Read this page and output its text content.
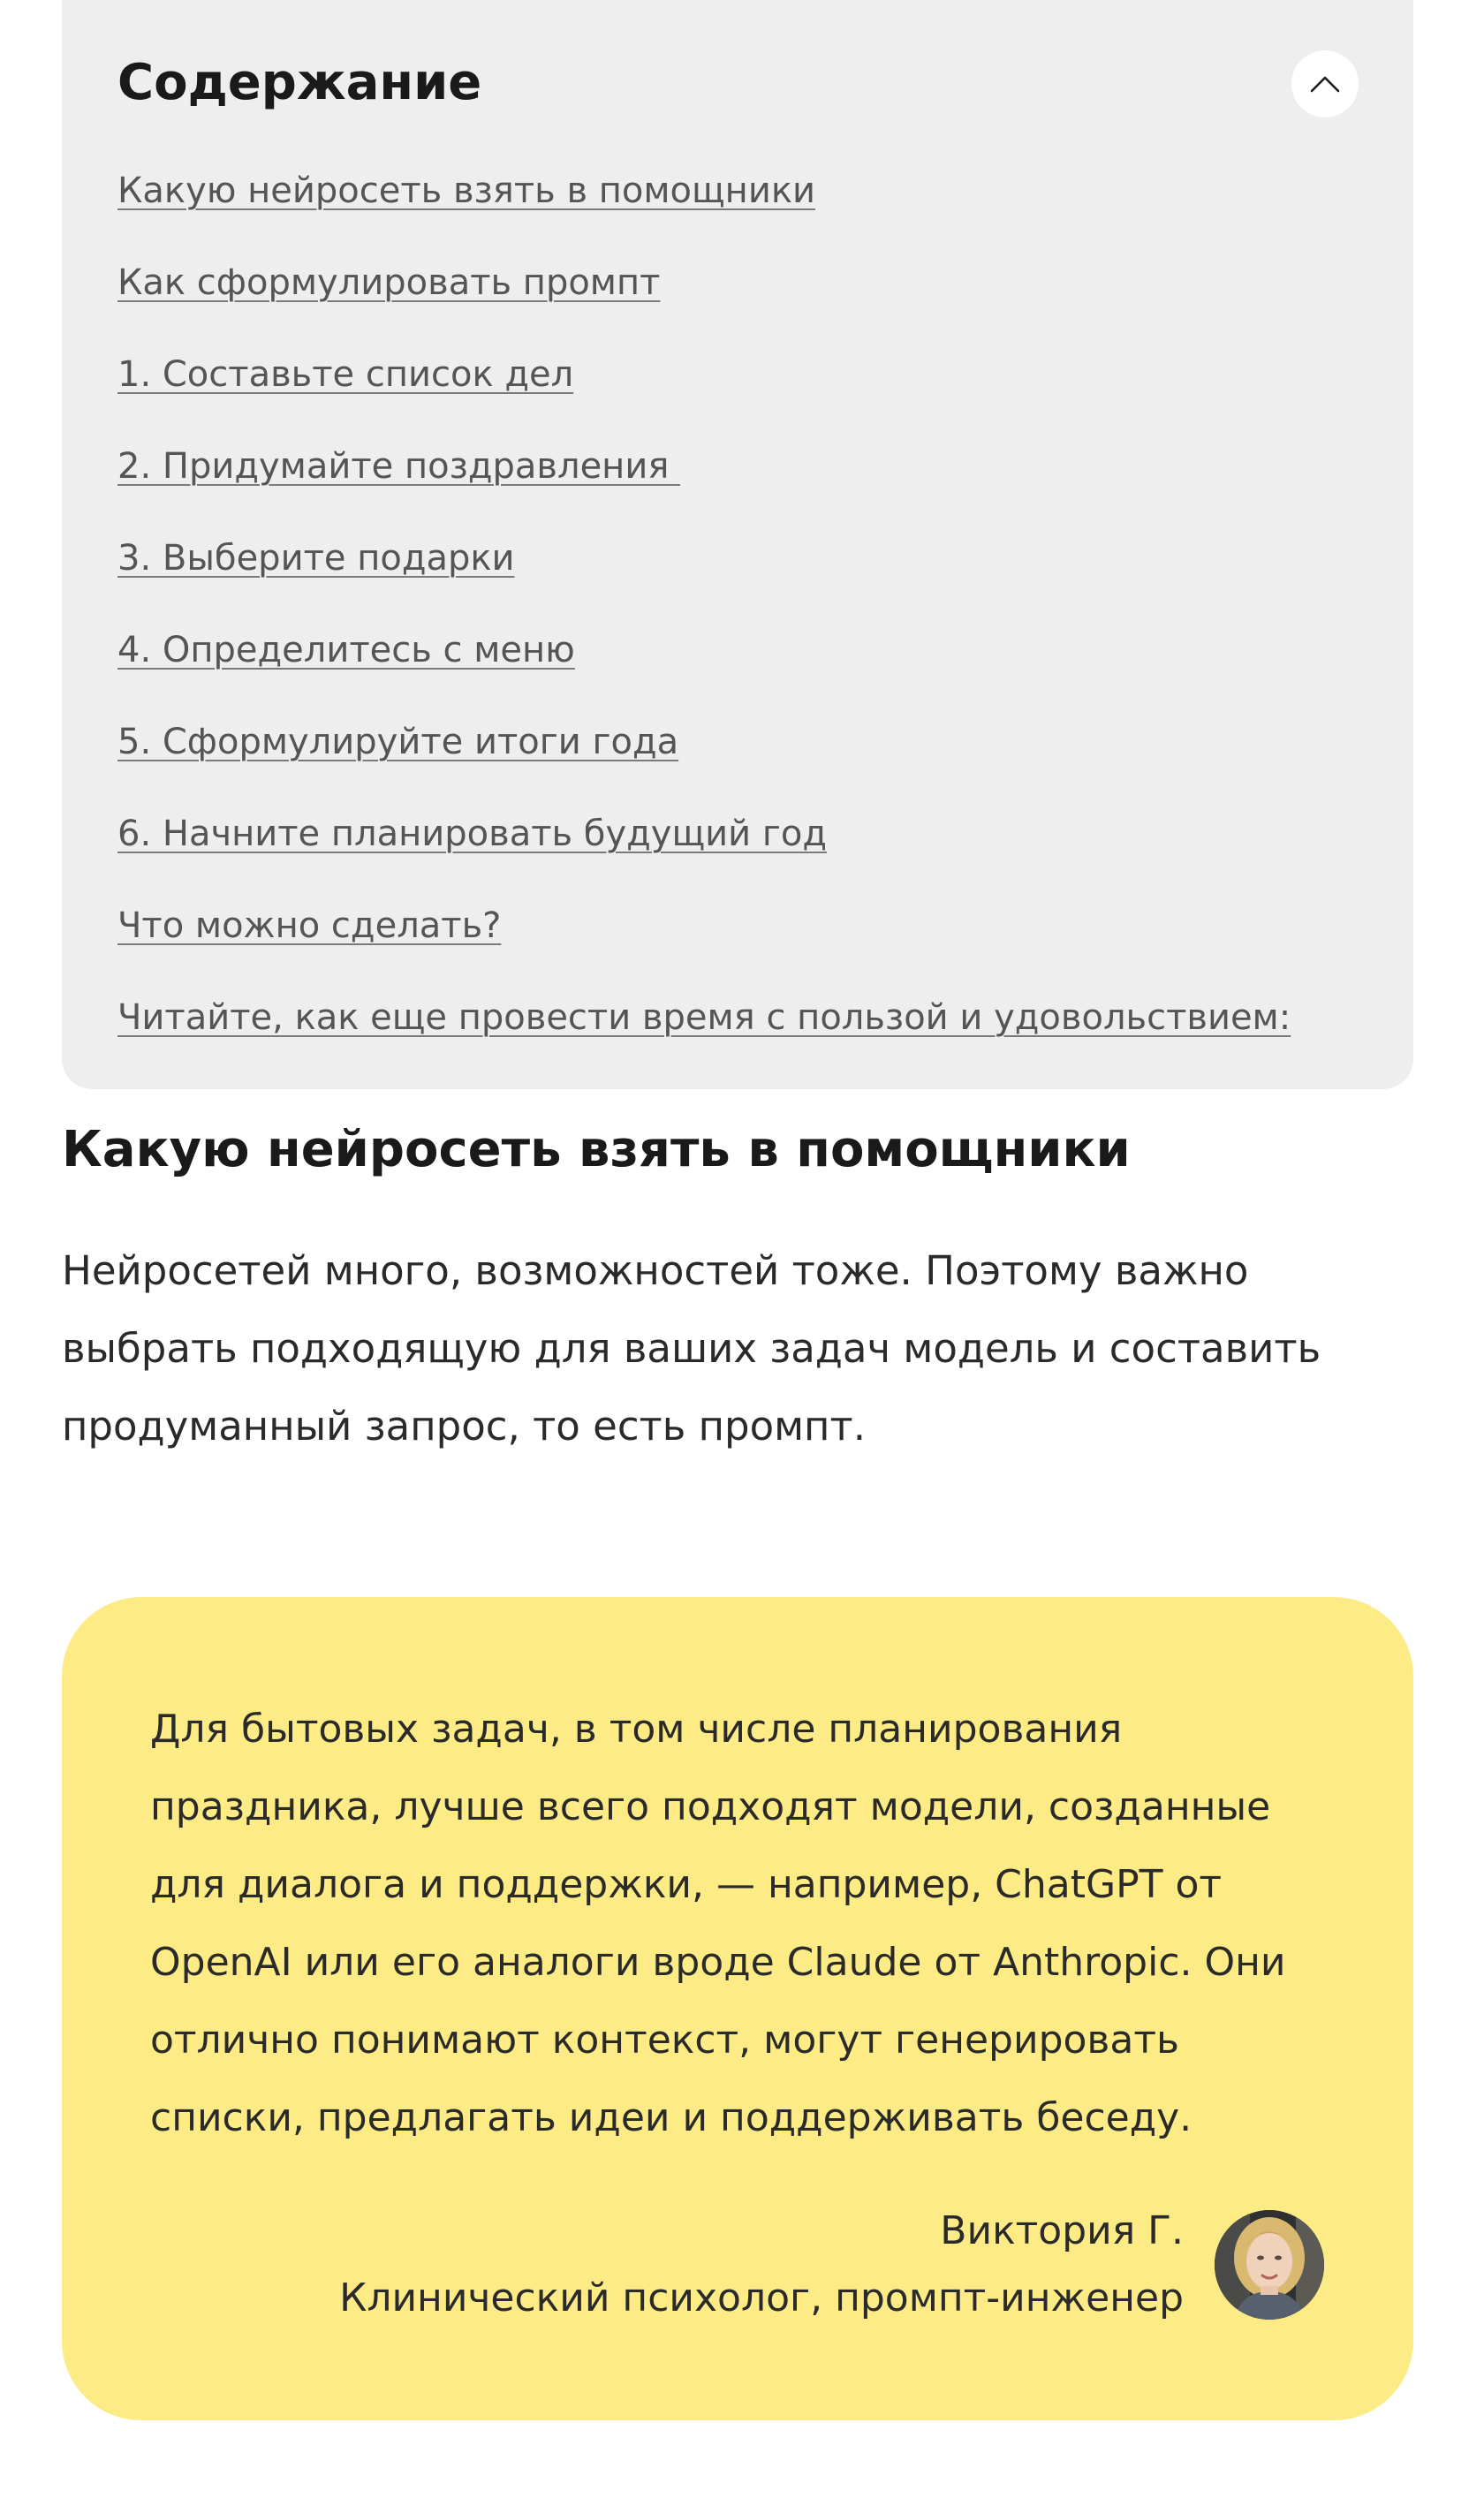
Содержание
Какую нейросеть взять в помощники
Как сформулировать промпт
1. Составьте список дел
2. Придумайте поздравления
3. Выберите подарки
4. Определитесь с меню
5. Сформулируйте итоги года
6. Начните планировать будущий год
Что можно сделать?
Читайте, как еще провести время с пользой и удовольствием:
Какую нейросеть взять в помощники

Нейросетей много, возможностей тоже. Поэтому важно
выбрать подходящую для ваших задач модель и составить
продуманный запрос, то есть промпт.

Для бытовых задач, в том числе планирования
праздника, лучше всего подходят модели, созданные
для диалога и поддержки, — например, ChatGPT от
OpenAI или его аналоги вроде Claude от Anthropic. Они
отлично понимают контекст, могут генерировать
списки, предлагать идеи и поддерживать беседу.

Виктория Г.
Клинический психолог, промпт-инженер
